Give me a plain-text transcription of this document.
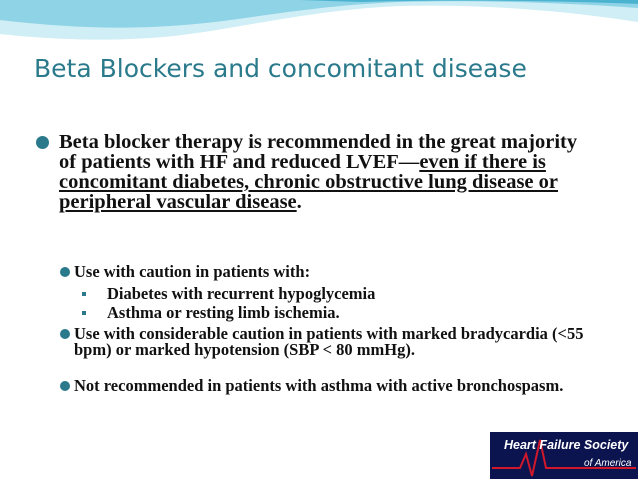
Beta Blockers and concomitant disease
Beta blocker therapy is recommended in the great majority of patients with HF and reduced LVEF—even if there is concomitant diabetes, chronic obstructive lung disease or peripheral vascular disease.
Use with caution in patients with:
Diabetes with recurrent hypoglycemia
Asthma or resting limb ischemia.
Use with considerable caution in patients with marked bradycardia (<55 bpm) or marked hypotension (SBP < 80 mmHg).
Not recommended in patients with asthma with active bronchospasm.
Heart Failure Society
of America
